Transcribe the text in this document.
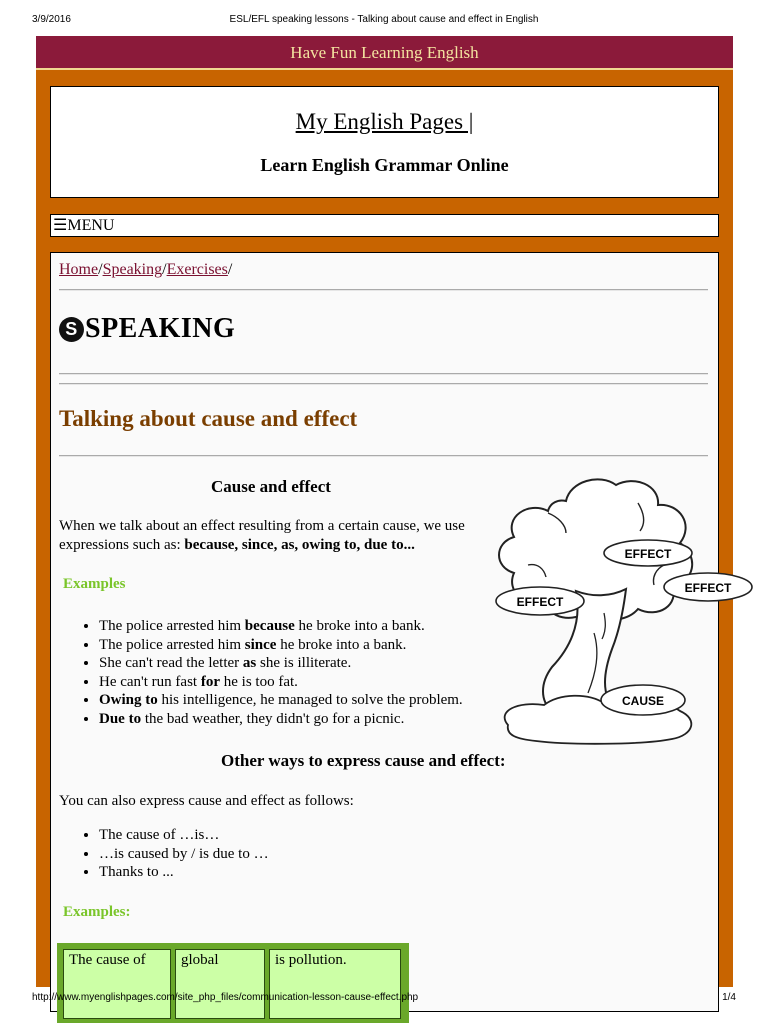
3/9/2016	ESL/EFL speaking lessons - Talking about cause and effect in English
Have Fun Learning English
My English Pages |
Learn English Grammar Online
☰MENU
Home/Speaking/Exercises/
S SPEAKING
Talking about cause and effect
Cause and effect
When we talk about an effect resulting from a certain cause, we use
expressions such as: because, since, as, owing to, due to...
Examples
• The police arrested him because he broke into a bank.
• The police arrested him since he broke into a bank.
• She can't read the letter as she is illiterate.
• He can't run fast for he is too fat.
• Owing to his intelligence, he managed to solve the problem.
• Due to the bad weather, they didn't go for a picnic.
EFFECT
EFFECT
EFFECT
CAUSE
Other ways to express cause and effect:
You can also express cause and effect as follows:
• The cause of …is…
• …is caused by / is due to …
• Thanks to ...
Examples:
The cause of	global	is pollution.
http://www.myenglishpages.com/site_php_files/communication-lesson-cause-effect.php	1/4
